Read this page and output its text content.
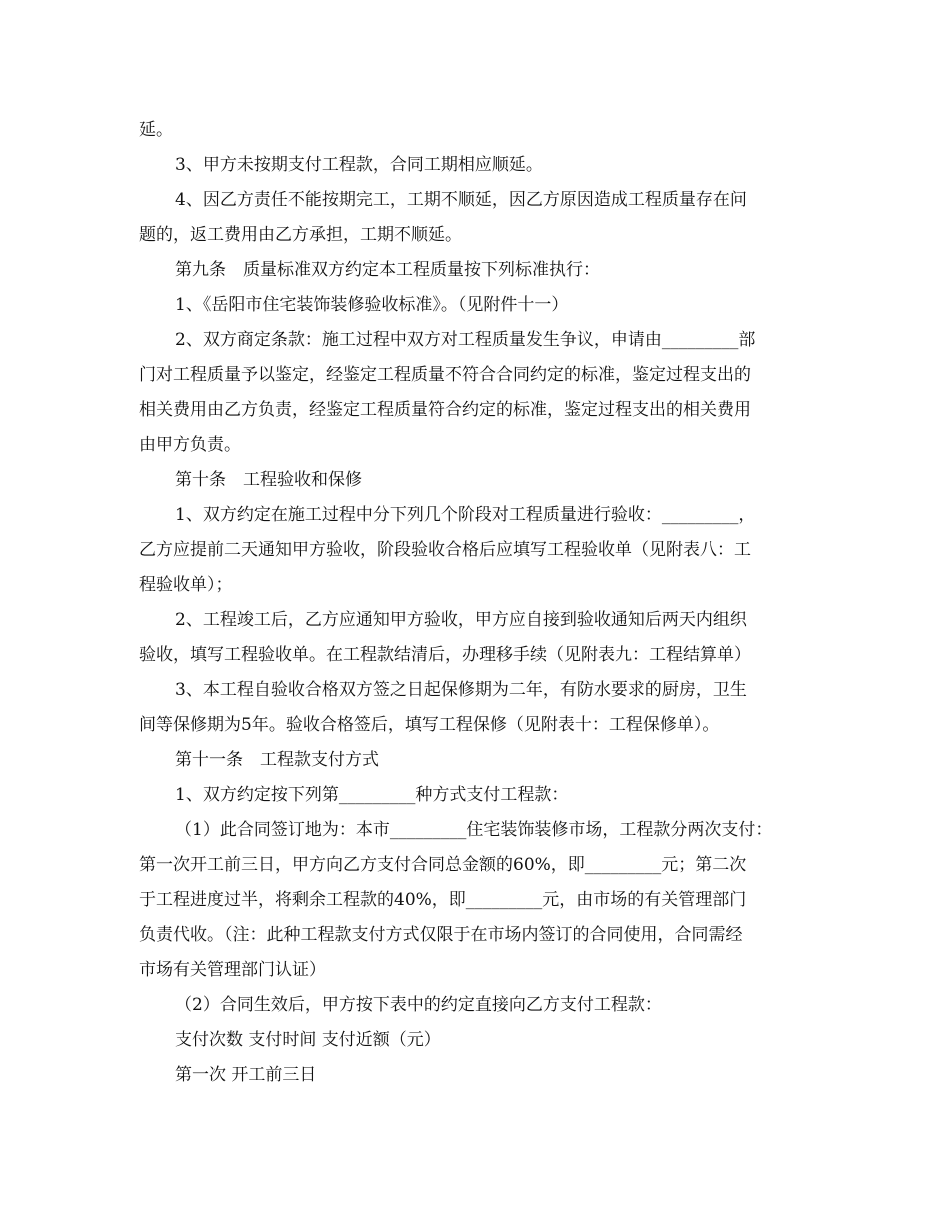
延。
3、甲方未按期支付工程款，合同工期相应顺延。
4、因乙方责任不能按期完工，工期不顺延，因乙方原因造成工程质量存在问
题的，返工费用由乙方承担，工期不顺延。
第九条　质量标准双方约定本工程质量按下列标准执行：
1、《岳阳市住宅装饰装修验收标准》。（见附件十一）
2、双方商定条款：施工过程中双方对工程质量发生争议，申请由_________部
门对工程质量予以鉴定，经鉴定工程质量不符合合同约定的标准，鉴定过程支出的
相关费用由乙方负责，经鉴定工程质量符合约定的标准，鉴定过程支出的相关费用
由甲方负责。
第十条　工程验收和保修
1、双方约定在施工过程中分下列几个阶段对工程质量进行验收：_________，
乙方应提前二天通知甲方验收，阶段验收合格后应填写工程验收单（见附表八：工
程验收单）；
2、工程竣工后，乙方应通知甲方验收，甲方应自接到验收通知后两天内组织
验收，填写工程验收单。在工程款结清后，办理移手续（见附表九：工程结算单）
3、本工程自验收合格双方签之日起保修期为二年，有防水要求的厨房，卫生
间等保修期为5年。验收合格签后，填写工程保修（见附表十：工程保修单）。
第十一条　工程款支付方式
1、双方约定按下列第_________种方式支付工程款：
（1）此合同签订地为：本市_________住宅装饰装修市场，工程款分两次支付：
第一次开工前三日，甲方向乙方支付合同总金额的60%，即_________元；第二次
于工程进度过半，将剩余工程款的40%，即_________元，由市场的有关管理部门
负责代收。（注：此种工程款支付方式仅限于在市场内签订的合同使用，合同需经
市场有关管理部门认证）
（2）合同生效后，甲方按下表中的约定直接向乙方支付工程款：
支付次数 支付时间 支付近额（元）
第一次 开工前三日
